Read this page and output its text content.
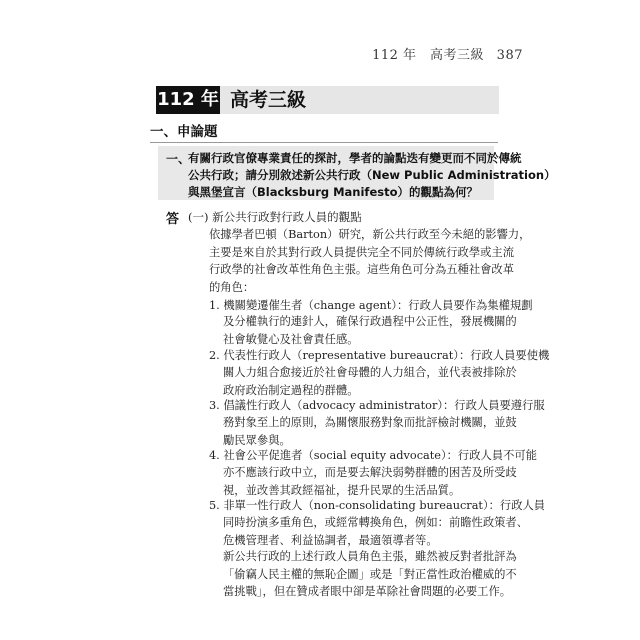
112 年　高考三級 387
112 年 高考三級
一、申論題
一、
有關行政官僚專業責任的探討，學者的論點迭有變更而不同於傳統
公共行政；請分別敘述新公共行政（New Public Administration）
與黑堡宣言（Blacksburg Manifesto）的觀點為何？
答 (一) 新公共行政對行政人員的觀點
依據學者巴頓（Barton）研究，新公共行政至今未絕的影響力，
主要是來自於其對行政人員提供完全不同於傳統行政學或主流
行政學的社會改革性角色主張。這些角色可分為五種社會改革
的角色：
1. 機關變遷催生者（change agent）：行政人員要作為集權規劃
及分權執行的連針人，確保行政過程中公正性，發展機關的
社會敏覺心及社會責任感。
2. 代表性行政人（representative bureaucrat）：行政人員要使機
關人力組合愈接近於社會母體的人力組合，並代表被排除於
政府政治制定過程的群體。
3. 倡議性行政人（advocacy administrator）：行政人員要遵行服
務對象至上的原則，為關懷服務對象而批評檢討機關，並鼓
勵民眾參與。
4. 社會公平促進者（social equity advocate）：行政人員不可能
亦不應該行政中立，而是要去解決弱勢群體的困苦及所受歧
視，並改善其政經福祉，提升民眾的生活品質。
5. 非單一性行政人（non-consolidating bureaucrat）：行政人員
同時扮演多重角色，或經常轉換角色，例如：前瞻性政策者、
危機管理者、利益協調者，最適領導者等。
新公共行政的上述行政人員角色主張，雖然被反對者批評為
「偷竊人民主權的無恥企圖」或是「對正當性政治權威的不
當挑戰」，但在贊成者眼中卻是革除社會問題的必要工作。
